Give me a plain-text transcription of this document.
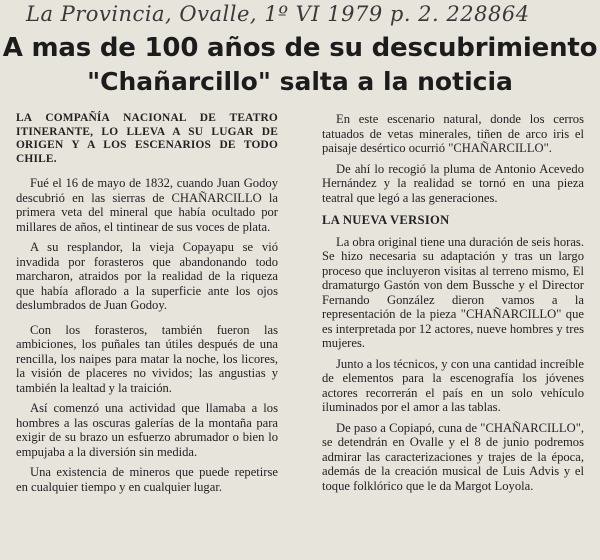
La Provincia, Ovalle, 1º VI 1979 p. 2. 228864
A mas de 100 años de su descubrimiento
"Chañarcillo" salta a la noticia
LA COMPAÑÍA NACIONAL DE TEATRO ITINERANTE, LO LLEVA A SU LUGAR DE ORIGEN Y A LOS ESCENARIOS DE TODO CHILE.

Fué el 16 de mayo de 1832, cuando Juan Godoy descubrió en las sierras de CHAÑARCILLO la primera veta del mineral que había ocultado por millares de años, el tintinear de sus voces de plata.

A su resplandor, la vieja Copayapu se vió invadida por forasteros que abandonando todo marcharon, atraidos por la realidad de la riqueza que había aflorado a la superficie ante los ojos deslumbrados de Juan Godoy.

Con los forasteros, también fueron las ambiciones, los puñales tan útiles después de una rencilla, los naipes para matar la noche, los licores, la visión de placeres no vividos; las angustias y también la lealtad y la traición.

Así comenzó una actividad que llamaba a los hombres a las oscuras galerías de la montaña para exigir de su brazo un esfuerzo abrumador o bien lo empujaba a la diversión sin medida.

Una existencia de mineros que puede repetirse en cualquier tiempo y en cualquier lugar.

En este escenario natural, donde los cerros tatuados de vetas minerales, tiñen de arco iris el paisaje desértico ocurrió "CHAÑARCILLO".

De ahí lo recogió la pluma de Antonio Acevedo Hernández y la realidad se tornó en una pieza teatral que legó a las generaciones.

LA NUEVA VERSION

La obra original tiene una duración de seis horas. Se hizo necesaria su adaptación y tras un largo proceso que incluyeron visitas al terreno mismo, El dramaturgo Gastón von dem Bussche y el Director Fernando González dieron vamos a la representación de la pieza "CHAÑARCILLO" que es interpretada por 12 actores, nueve hombres y tres mujeres.

Junto a los técnicos, y con una cantidad increíble de elementos para la escenografía los jóvenes actores recorrerán el país en un solo vehículo iluminados por el amor a las tablas.

De paso a Copiapó, cuna de "CHAÑARCILLO", se detendrán en Ovalle y el 8 de junio podremos admirar las caracterizaciones y trajes de la época, además de la creación musical de Luis Advis y el toque folklórico que le da Margot Loyola.
